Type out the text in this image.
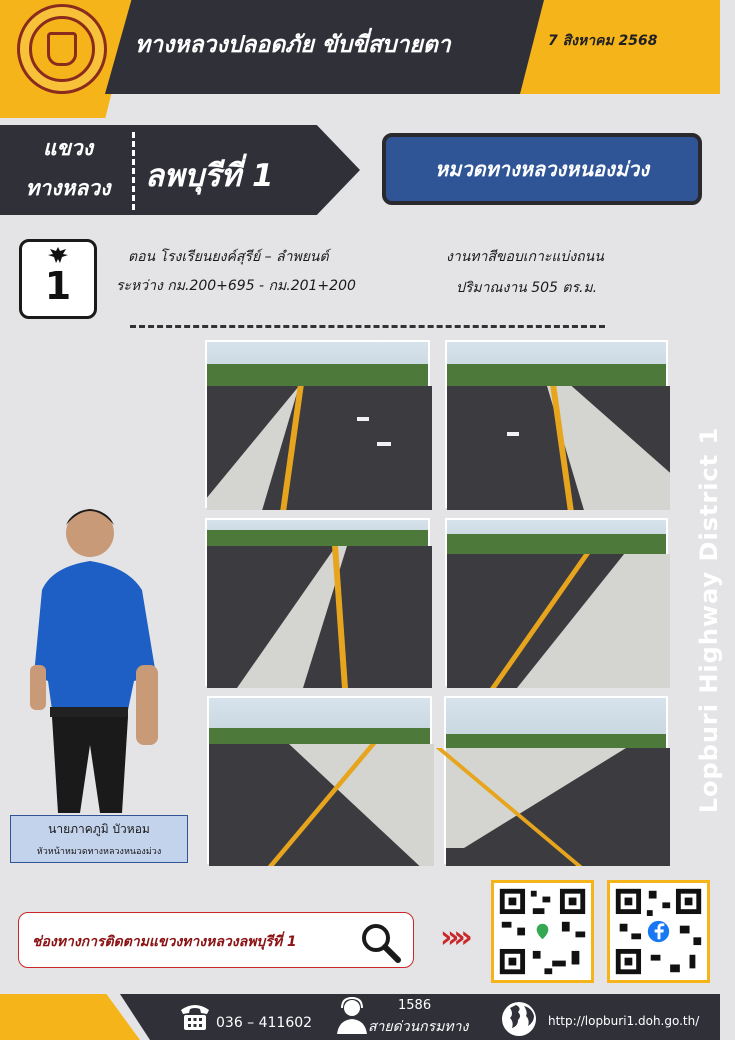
ทางหลวงปลอดภัย ขับขี่สบายตา	7 สิงหาคม 2568
แขวง
ทางหลวง	ลพบุรีที่ 1	หมวดทางหลวงหนองม่วง
1
ตอน โรงเรียนยงค์สุรีย์ – ลำพยนต์
ระหว่าง กม.200+695 - กม.201+200
งานทาสีขอบเกาะแบ่งถนน
ปริมาณงาน 505 ตร.ม.
นายภาคภูมิ บัวหอม
หัวหน้าหมวดทางหลวงหนองม่วง
Lopburi Highway District 1
ช่องทางการติดตามแขวงทางหลวงลพบุรีที่ 1	»»
036 – 411602
1586
สายด่วนกรมทาง	http://lopburi1.doh.go.th/
